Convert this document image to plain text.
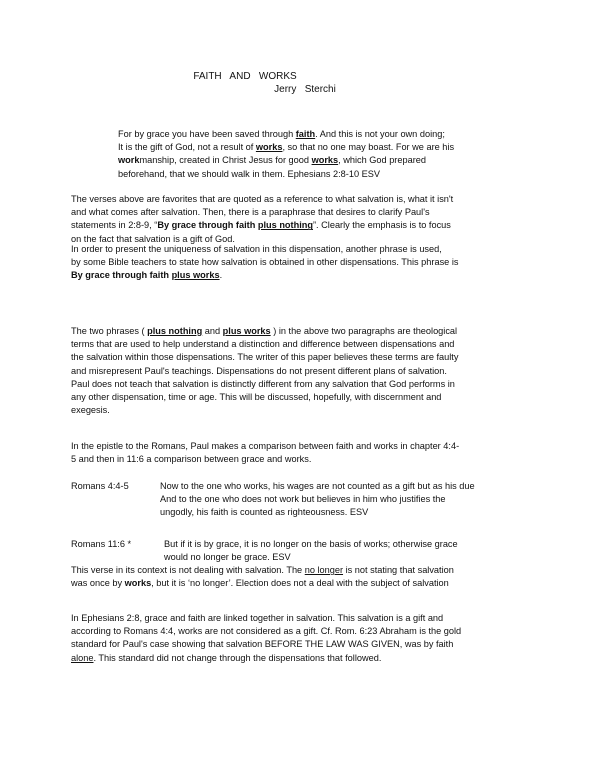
FAITH   AND   WORKS
Jerry   Sterchi
For by grace you have been saved through faith. And this is not your own doing;
It is the gift of God, not a result of works, so that no one may boast. For we are his
workmanship, created in Christ Jesus for good works, which God prepared
beforehand, that we should walk in them. Ephesians 2:8-10 ESV
The verses above are favorites that are quoted as a reference to what salvation is, what it isn't
and what comes after salvation. Then, there is a paraphrase that desires to clarify Paul's
statements in 2:8-9, “By grace through faith plus nothing”. Clearly the emphasis is to focus
on the fact that salvation is a gift of God.
In order to present the uniqueness of salvation in this dispensation, another phrase is used,
by some Bible teachers to state how salvation is obtained in other dispensations. This phrase is
By grace through faith plus works.
The two phrases ( plus nothing and plus works ) in the above two paragraphs are theological
terms that are used to help understand a distinction and difference between dispensations and
the salvation within those dispensations. The writer of this paper believes these terms are faulty
and misrepresent Paul's teachings. Dispensations do not present different plans of salvation.
Paul does not teach that salvation is distinctly different from any salvation that God performs in
any other dispensation, time or age. This will be discussed, hopefully, with discernment and
exegesis.
In the epistle to the Romans, Paul makes a comparison between faith and works in chapter 4:4-
5 and then in 11:6 a comparison between grace and works.
Romans 4:4-5	Now to the one who works, his wages are not counted as a gift but as his due
And to the one who does not work but believes in him who justifies the
ungodly, his faith is counted as righteousness. ESV
Romans 11:6 *	But if it is by grace, it is no longer on the basis of works; otherwise grace
would no longer be grace. ESV
This verse in its context is not dealing with salvation. The no longer is not stating that salvation
was once by works, but it is ‘no longer’. Election does not a deal with the subject of salvation
In Ephesians 2:8, grace and faith are linked together in salvation. This salvation is a gift and
according to Romans 4:4, works are not considered as a gift. Cf. Rom. 6:23 Abraham is the gold
standard for Paul's case showing that salvation BEFORE THE LAW WAS GIVEN, was by faith
alone. This standard did not change through the dispensations that followed.
